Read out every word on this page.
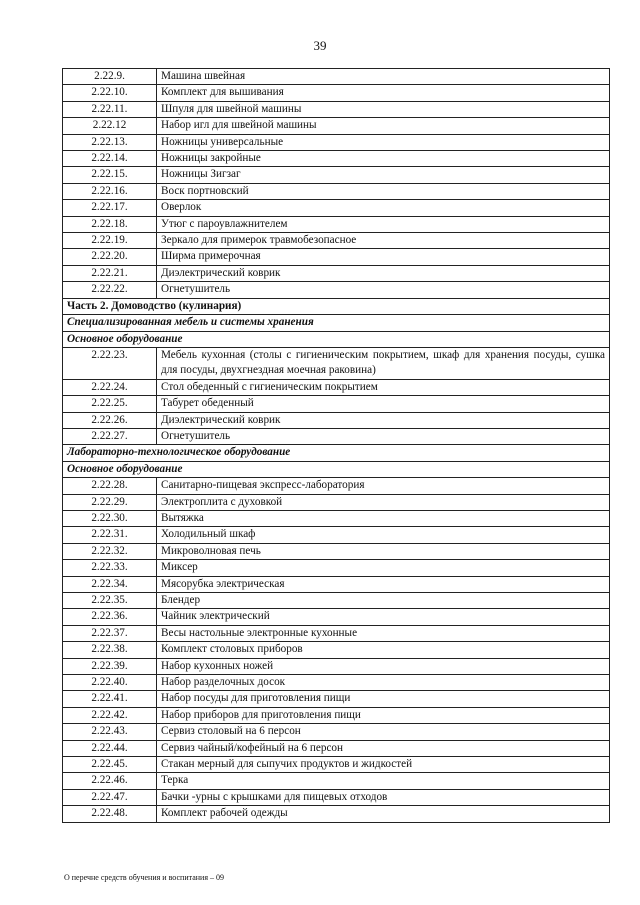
39
2.22.9.	Машина швейная
2.22.10.	Комплект для вышивания
2.22.11.	Шпуля для швейной машины
2.22.12	Набор игл для швейной машины
2.22.13.	Ножницы универсальные
2.22.14.	Ножницы закройные
2.22.15.	Ножницы Зигзаг
2.22.16.	Воск портновский
2.22.17.	Оверлок
2.22.18.	Утюг с пароувлажнителем
2.22.19.	Зеркало для примерок травмобезопасное
2.22.20.	Ширма примерочная
2.22.21.	Диэлектрический коврик
2.22.22.	Огнетушитель
Часть 2. Домоводство (кулинария)	
Специализированная мебель и системы хранения	
Основное оборудование	
2.22.23.	Мебель кухонная (столы с гигиеническим покрытием, шкаф для хранения посуды, сушка для посуды, двухгнездная моечная раковина)
2.22.24.	Стол обеденный с гигиеническим покрытием
2.22.25.	Табурет обеденный
2.22.26.	Диэлектрический коврик
2.22.27.	Огнетушитель
Лабораторно-технологическое оборудование	
Основное оборудование	
2.22.28.	Санитарно-пищевая экспресс-лаборатория
2.22.29.	Электроплита с духовкой
2.22.30.	Вытяжка
2.22.31.	Холодильный шкаф
2.22.32.	Микроволновая печь
2.22.33.	Миксер
2.22.34.	Мясорубка электрическая
2.22.35.	Блендер
2.22.36.	Чайник электрический
2.22.37.	Весы настольные электронные кухонные
2.22.38.	Комплект столовых приборов
2.22.39.	Набор кухонных ножей
2.22.40.	Набор разделочных досок
2.22.41.	Набор посуды для приготовления пищи
2.22.42.	Набор приборов для приготовления пищи
2.22.43.	Сервиз столовый на 6 персон
2.22.44.	Сервиз чайный/кофейный на 6 персон
2.22.45.	Стакан мерный для сыпучих продуктов и жидкостей
2.22.46.	Терка
2.22.47.	Бачки -урны с крышками для пищевых отходов
2.22.48.	Комплект рабочей одежды
О перечне средств обучения и воспитания – 09
